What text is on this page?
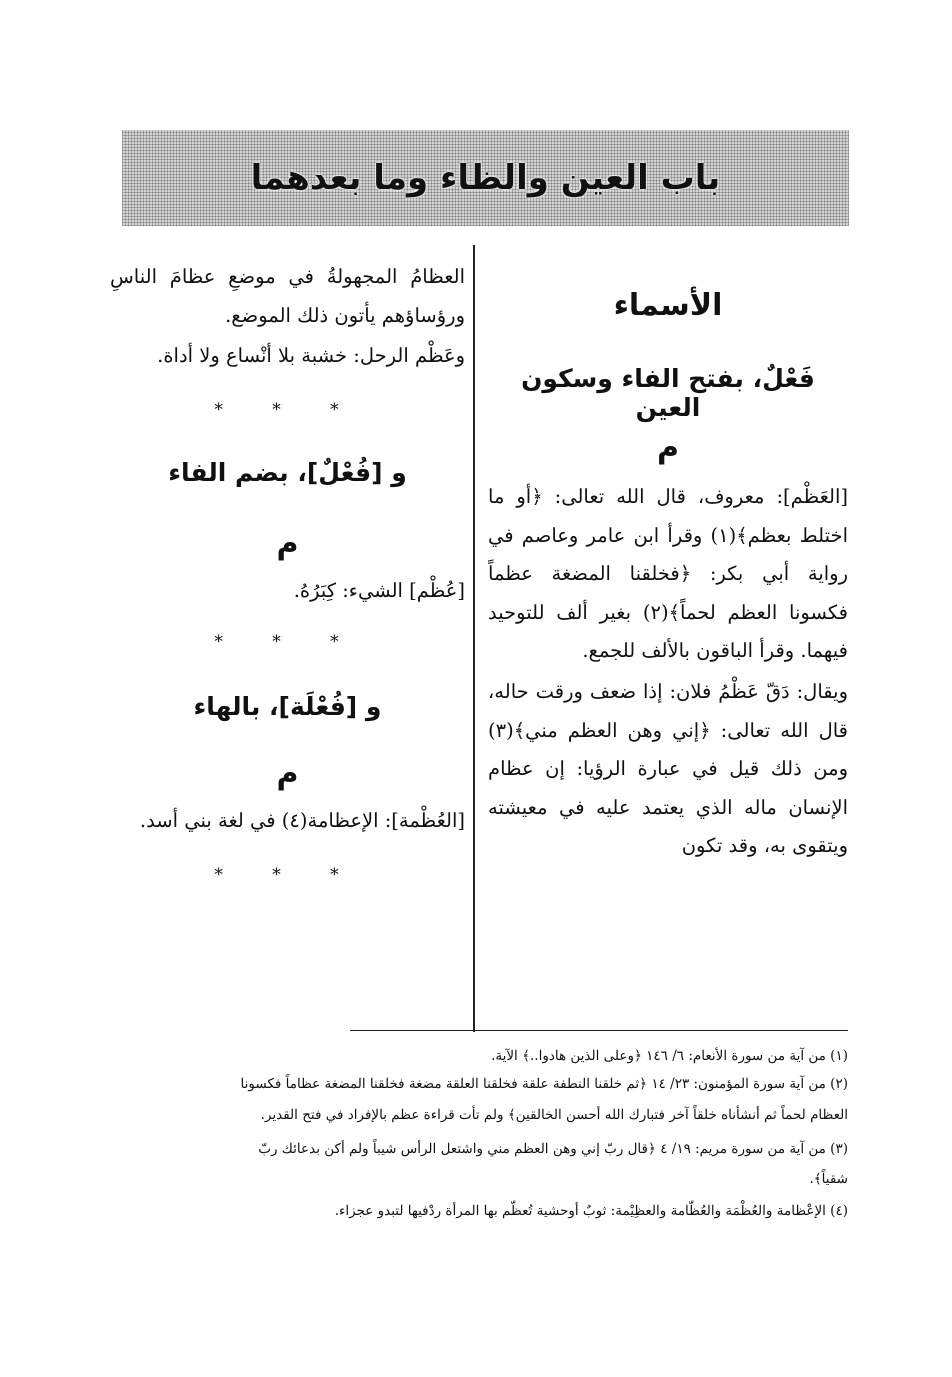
باب العين والظاء وما بعدهما
الأسماء
فَعْلٌ، بفتح الفاء وسكون العين
م

[العَظْم]: معروف، قال الله تعالى: ﴿أو ما اختلط بعظم﴾(١) وقرأ ابن عامر وعاصم في رواية أبي بكر: ﴿فخلقنا المضغة عظماً فكسونا العظم لحماً﴾(٢) بغير ألف للتوحيد فيهما. وقرأ الباقون بالألف للجمع.

ويقال: دَقّ عَظْمُ فلان: إذا ضعف ورقت حاله، قال الله تعالى: ﴿إني وهن العظم مني﴾(٣) ومن ذلك قيل في عبارة الرؤيا: إن عظام الإنسان ماله الذي يعتمد عليه في معيشته ويتقوى به، وقد تكون

العظامُ المجهولةُ في موضعِ عظامَ الناسِ ورؤساؤهم يأتون ذلك الموضع.

وعَظْم الرحل: خشبة بلا أنْساع ولا أداة.

* * *

و [فُعْلٌ]، بضم الفاء
م

[عُظْم] الشيء: كِبَرُهُ.

* * *

و [فُعْلَة]، بالهاء
م

[العُظْمة]: الإعظامة(٤) في لغة بني أسد.

* * *

(١) من آية من سورة الأنعام: ٦/ ١٤٦ ﴿وعلى الذين هادوا..﴾ الآية.

(٢) من آية سورة المؤمنون: ٢٣/ ١٤ ﴿ثم خلقنا النطفة علقة فخلقنا العلقة مضغة فخلقنا المضغة عظاماً فكسونا

العظام لحماً ثم أنشأناه خلقاً آخر فتبارك الله أحسن الخالقين﴾ ولم تأت قراءة عظم بالإفراد في فتح القدير.

(٣) من آية من سورة مريم: ١٩/ ٤ ﴿قال ربّ إني وهن العظم مني واشتعل الرأس شيباً ولم أكن بدعائك ربّ

شقياً﴾.

(٤) الإعْظامة والعُظْمَة والعُظّامة والعظِيْمة: ثوبٌ أوحشية تُعظّم بها المرأة ردْفيها لتبدو عجزاء.
